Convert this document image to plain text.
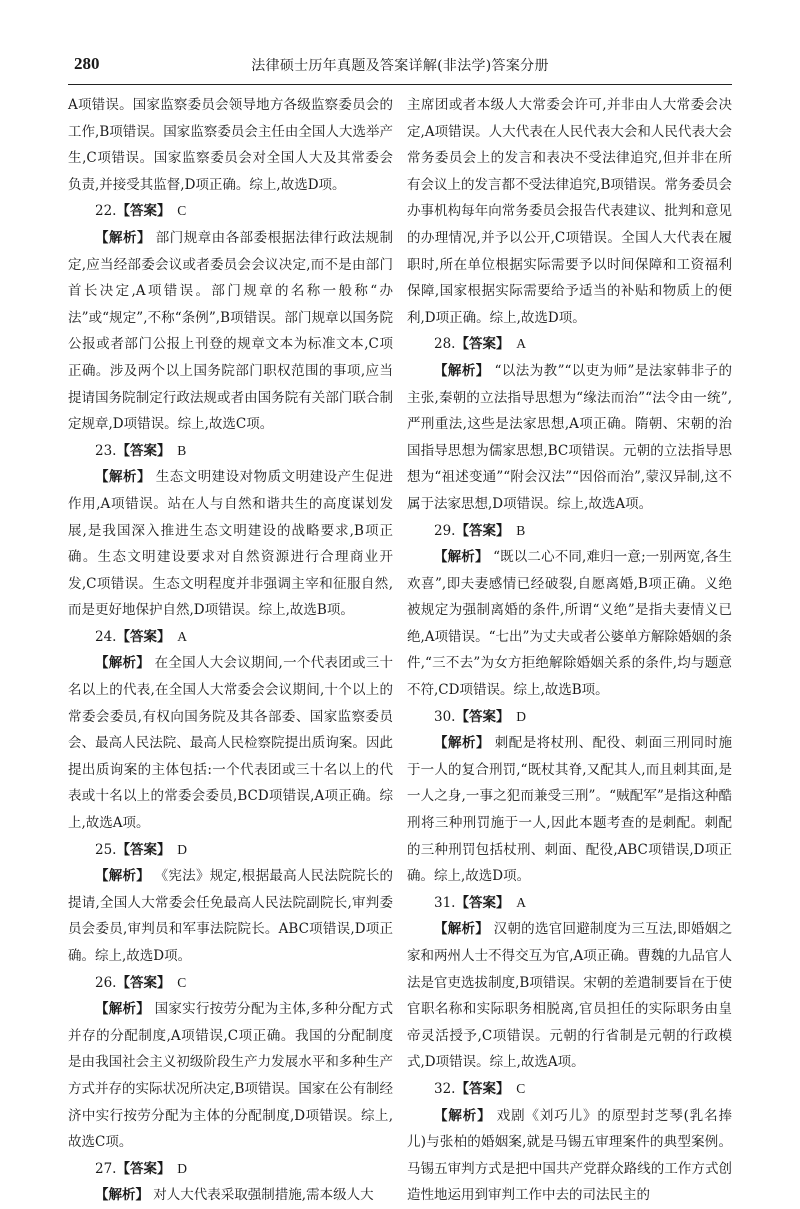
280	法律硕士历年真题及答案详解(非法学)答案分册

A项错误。国家监察委员会领导地方各级监察委员会的工作,B项错误。国家监察委员会主任由全国人大选举产生,C项错误。国家监察委员会对全国人大及其常委会负责,并接受其监督,D项正确。综上,故选D项。

22.【答案】 C

【解析】 部门规章由各部委根据法律行政法规制定,应当经部委会议或者委员会会议决定,而不是由部门首长决定,A项错误。部门规章的名称一般称“办法”或“规定”,不称“条例”,B项错误。部门规章以国务院公报或者部门公报上刊登的规章文本为标准文本,C项正确。涉及两个以上国务院部门职权范围的事项,应当提请国务院制定行政法规或者由国务院有关部门联合制定规章,D项错误。综上,故选C项。

23.【答案】 B

【解析】 生态文明建设对物质文明建设产生促进作用,A项错误。站在人与自然和谐共生的高度谋划发展,是我国深入推进生态文明建设的战略要求,B项正确。生态文明建设要求对自然资源进行合理商业开发,C项错误。生态文明程度并非强调主宰和征服自然,而是更好地保护自然,D项错误。综上,故选B项。

24.【答案】 A

【解析】 在全国人大会议期间,一个代表团或三十名以上的代表,在全国人大常委会会议期间,十个以上的常委会委员,有权向国务院及其各部委、国家监察委员会、最高人民法院、最高人民检察院提出质询案。因此提出质询案的主体包括:一个代表团或三十名以上的代表或十名以上的常委会委员,BCD项错误,A项正确。综上,故选A项。

25.【答案】 D

【解析】 《宪法》规定,根据最高人民法院院长的提请,全国人大常委会任免最高人民法院副院长,审判委员会委员,审判员和军事法院院长。ABC项错误,D项正确。综上,故选D项。

26.【答案】 C

【解析】 国家实行按劳分配为主体,多种分配方式并存的分配制度,A项错误,C项正确。我国的分配制度是由我国社会主义初级阶段生产力发展水平和多种生产方式并存的实际状况所决定,B项错误。国家在公有制经济中实行按劳分配为主体的分配制度,D项错误。综上,故选C项。

27.【答案】 D

【解析】 对人大代表采取强制措施,需本级人大

主席团或者本级人大常委会许可,并非由人大常委会决定,A项错误。人大代表在人民代表大会和人民代表大会常务委员会上的发言和表决不受法律追究,但并非在所有会议上的发言都不受法律追究,B项错误。常务委员会办事机构每年向常务委员会报告代表建议、批判和意见的办理情况,并予以公开,C项错误。全国人大代表在履职时,所在单位根据实际需要予以时间保障和工资福利保障,国家根据实际需要给予适当的补贴和物质上的便利,D项正确。综上,故选D项。

28.【答案】 A

【解析】 “以法为教”“以吏为师”是法家韩非子的主张,秦朝的立法指导思想为“缘法而治”“法令由一统”,严刑重法,这些是法家思想,A项正确。隋朝、宋朝的治国指导思想为儒家思想,BC项错误。元朝的立法指导思想为“祖述变通”“附会汉法”“因俗而治”,蒙汉异制,这不属于法家思想,D项错误。综上,故选A项。

29.【答案】 B

【解析】 “既以二心不同,难归一意;一别两宽,各生欢喜”,即夫妻感情已经破裂,自愿离婚,B项正确。义绝被规定为强制离婚的条件,所谓“义绝”是指夫妻情义已绝,A项错误。“七出”为丈夫或者公婆单方解除婚姻的条件,“三不去”为女方拒绝解除婚姻关系的条件,均与题意不符,CD项错误。综上,故选B项。

30.【答案】 D

【解析】 刺配是将杖刑、配役、刺面三刑同时施于一人的复合刑罚,“既杖其脊,又配其人,而且刺其面,是一人之身,一事之犯而兼受三刑”。“贼配军”是指这种酷刑将三种刑罚施于一人,因此本题考查的是刺配。刺配的三种刑罚包括杖刑、刺面、配役,ABC项错误,D项正确。综上,故选D项。

31.【答案】 A

【解析】 汉朝的选官回避制度为三互法,即婚姻之家和两州人士不得交互为官,A项正确。曹魏的九品官人法是官吏选拔制度,B项错误。宋朝的差遣制要旨在于使官职名称和实际职务相脱离,官员担任的实际职务由皇帝灵活授予,C项错误。元朝的行省制是元朝的行政模式,D项错误。综上,故选A项。

32.【答案】 C

【解析】 戏剧《刘巧儿》的原型封芝琴(乳名捧儿)与张柏的婚姻案,就是马锡五审理案件的典型案例。马锡五审判方式是把中国共产党群众路线的工作方式创造性地运用到审判工作中去的司法民主的
